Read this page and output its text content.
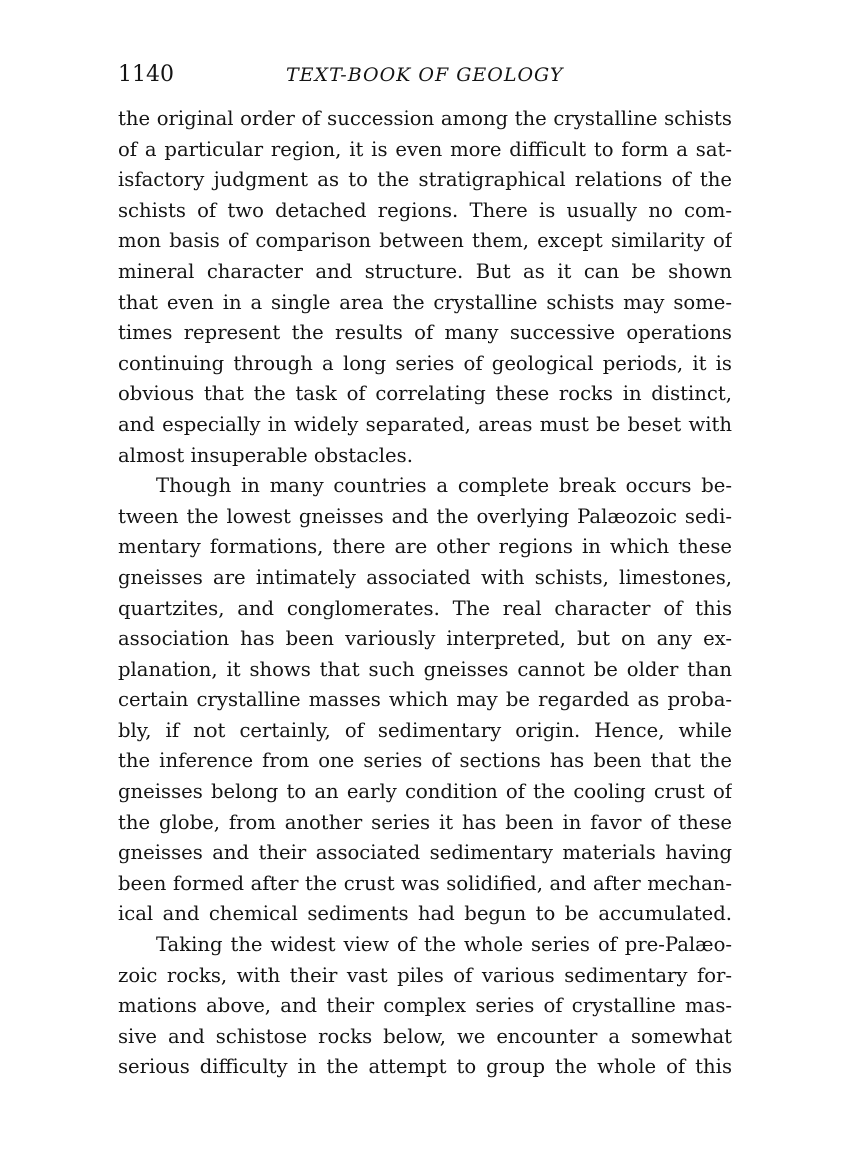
1140	TEXT-BOOK OF GEOLOGY
the original order of succession among the crystalline schists
of a particular region, it is even more difficult to form a sat-
isfactory judgment as to the stratigraphical relations of the
schists of two detached regions. There is usually no com-
mon basis of comparison between them, except similarity of
mineral character and structure. But as it can be shown
that even in a single area the crystalline schists may some-
times represent the results of many successive operations
continuing through a long series of geological periods, it is
obvious that the task of correlating these rocks in distinct,
and especially in widely separated, areas must be beset with
almost insuperable obstacles.
Though in many countries a complete break occurs be-
tween the lowest gneisses and the overlying Palæozoic sedi-
mentary formations, there are other regions in which these
gneisses are intimately associated with schists, limestones,
quartzites, and conglomerates. The real character of this
association has been variously interpreted, but on any ex-
planation, it shows that such gneisses cannot be older than
certain crystalline masses which may be regarded as proba-
bly, if not certainly, of sedimentary origin. Hence, while
the inference from one series of sections has been that the
gneisses belong to an early condition of the cooling crust of
the globe, from another series it has been in favor of these
gneisses and their associated sedimentary materials having
been formed after the crust was solidified, and after mechan-
ical and chemical sediments had begun to be accumulated.
Taking the widest view of the whole series of pre-Palæo-
zoic rocks, with their vast piles of various sedimentary for-
mations above, and their complex series of crystalline mas-
sive and schistose rocks below, we encounter a somewhat
serious difficulty in the attempt to group the whole of this
